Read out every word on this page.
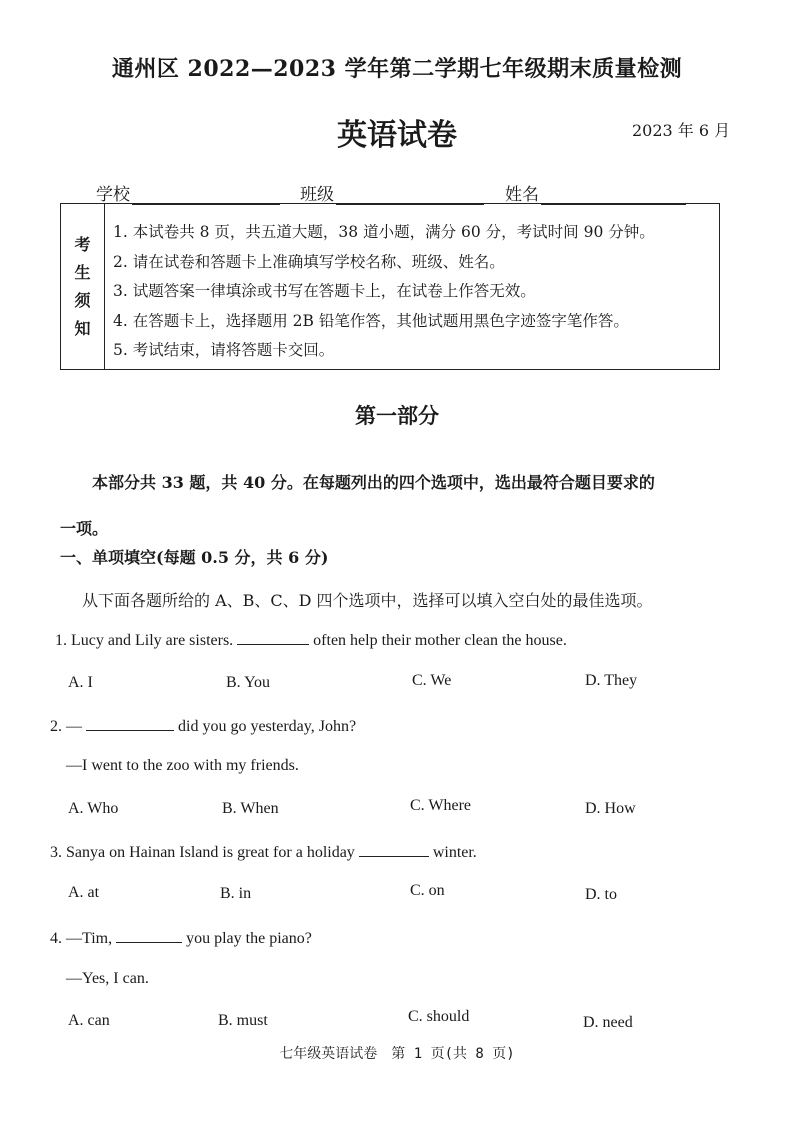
通州区 2022—2023 学年第二学期七年级期末质量检测
英语试卷	2023 年 6 月
学校	班级	姓名
考
生
须
知
1. 本试卷共 8 页，共五道大题，38 道小题，满分 60 分，考试时间 90 分钟。
2. 请在试卷和答题卡上准确填写学校名称、班级、姓名。
3. 试题答案一律填涂或书写在答题卡上，在试卷上作答无效。
4. 在答题卡上，选择题用 2B 铅笔作答，其他试题用黑色字迹签字笔作答。
5. 考试结束，请将答题卡交回。
第一部分
本部分共 33 题，共 40 分。在每题列出的四个选项中，选出最符合题目要求的
一项。
一、单项填空(每题 0.5 分，共 6 分)
从下面各题所给的 A、B、C、D 四个选项中，选择可以填入空白处的最佳选项。
1. Lucy and Lily are sisters.	often help their mother clean the house.
A. I	B. You	C. We	D. They
2. —	did you go yesterday, John?
—I went to the zoo with my friends.
A. Who	B. When	C. Where	D. How
3. Sanya on Hainan Island is great for a holiday	winter.
A. at	B. in	C. on	D. to
4. —Tim,	you play the piano?
—Yes, I can.
A. can	B. must	C. should	D. need
七年级英语试卷　第 1 页(共 8 页)
